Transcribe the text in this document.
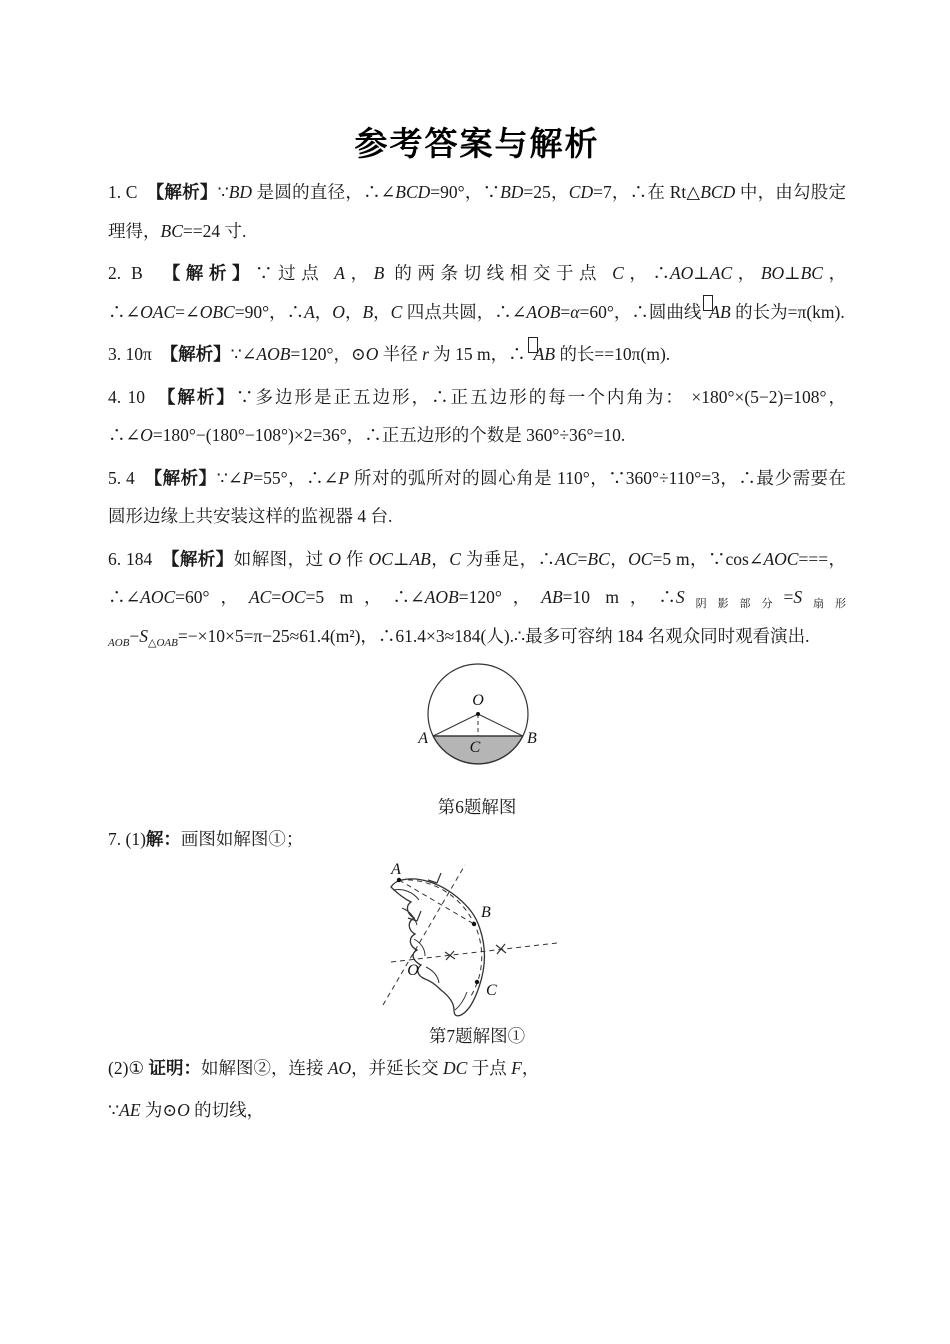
参考答案与解析

1. C　【解析】∵BD 是圆的直径，∴∠BCD=90°，∵BD=25，CD=7，∴在 Rt△BCD 中，由勾股定理得，BC==24 寸.

2. B　【解析】∵过点 A，B 的两条切线相交于点 C，∴AO⊥AC，BO⊥BC，∴∠OAC=∠OBC=90°，∴A，O，B，C 四点共圆，∴∠AOB=α=60°，∴圆曲线 AB 的长为=π(km).

3. 10π　【解析】∵∠AOB=120°，⊙O 半径 r 为 15 m，∴ AB 的长==10π(m).

4. 10　【解析】∵多边形是正五边形，∴正五边形的每一个内角为： ×180°×(5−2)=108°，∴∠O=180°−(180°−108°)×2=36°，∴正五边形的个数是 360°÷36°=10.

5. 4　【解析】∵∠P=55°，∴∠P 所对的弧所对的圆心角是 110°，∵360°÷110°=3，∴最少需要在圆形边缘上共安装这样的监视器 4 台.

6. 184　【解析】如解图，过 O 作 OC⊥AB，C 为垂足，∴AC=BC，OC=5 m，∵cos∠AOC===，∴∠AOC=60°，AC=OC=5 m，∴∠AOB=120°，AB=10 m，$\therefore S_{阴影部分}=S_{扇形AOB}-S_{\triangle OAB}=-\times 10\times 5=\pi-25\approx 61.4(m^2)$，∴61.4×3≈184(人).∴最多可容纳 184 名观众同时观看演出.

O
A	B
C
第6题解图

7. (1)解：画图如解图①；

A
B
C
O
第7题解图①

(2)① 证明：如解图②，连接 AO，并延长交 DC 于点 F，

∵AE 为⊙O 的切线，
